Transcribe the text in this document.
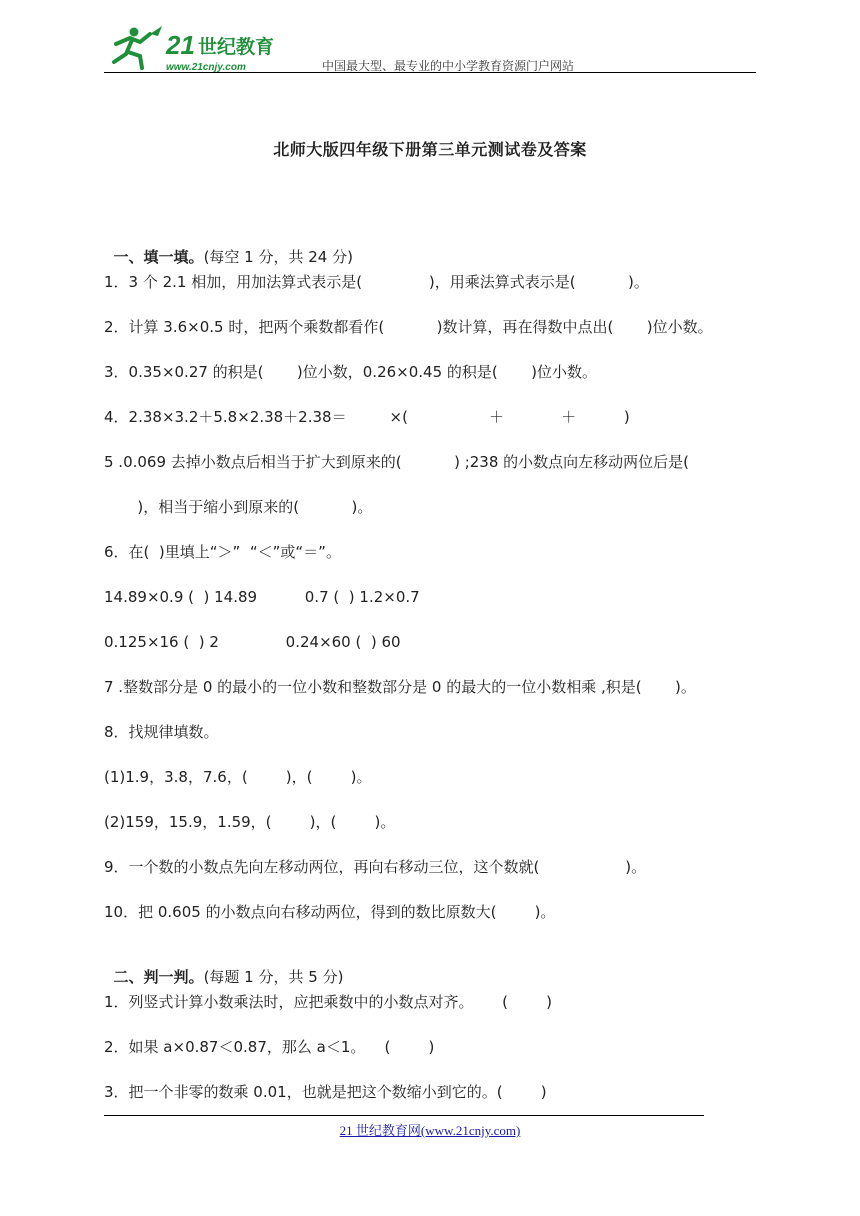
21 世纪教育
www.21cnjy.com	中国最大型、最专业的中小学教育资源门户网站
北师大版四年级下册第三单元测试卷及答案

一、填一填。(每空 1 分，共 24 分)

1．3 个 2.1 相加，用加法算式表示是(              )，用乘法算式表示是(           )。
2．计算 3.6×0.5 时，把两个乘数都看作(           )数计算，再在得数中点出(       )位小数。
3．0.35×0.27 的积是(       )位小数，0.26×0.45 的积是(       )位小数。
4．2.38×3.2＋5.8×2.38＋2.38＝         ×(                 ＋            ＋          )
5 .0.069 去掉小数点后相当于扩大到原来的(           ) ;238 的小数点向左移动两位后是(
)，相当于缩小到原来的(           )。
6．在(  )里填上“＞”  “＜”或“＝”。
14.89×0.9 (  ) 14.89          0.7 (  ) 1.2×0.7
0.125×16 (  ) 2              0.24×60 (  ) 60
7 .整数部分是 0 的最小的一位小数和整数部分是 0 的最大的一位小数相乘 ,积是(       )。
8．找规律填数。
(1)1.9，3.8，7.6，(        )，(        )。
(2)159，15.9，1.59，(        )，(        )。
9．一个数的小数点先向左移动两位，再向右移动三位，这个数就(                  )。
10．把 0.605 的小数点向右移动两位，得到的数比原数大(        )。

二、判一判。(每题 1 分，共 5 分)

1．列竖式计算小数乘法时，应把乘数中的小数点对齐。      (        )
2．如果 a×0.87＜0.87，那么 a＜1。    (        )
3．把一个非零的数乘 0.01，也就是把这个数缩小到它的。(        )
21 世纪教育网(www.21cnjy.com)
